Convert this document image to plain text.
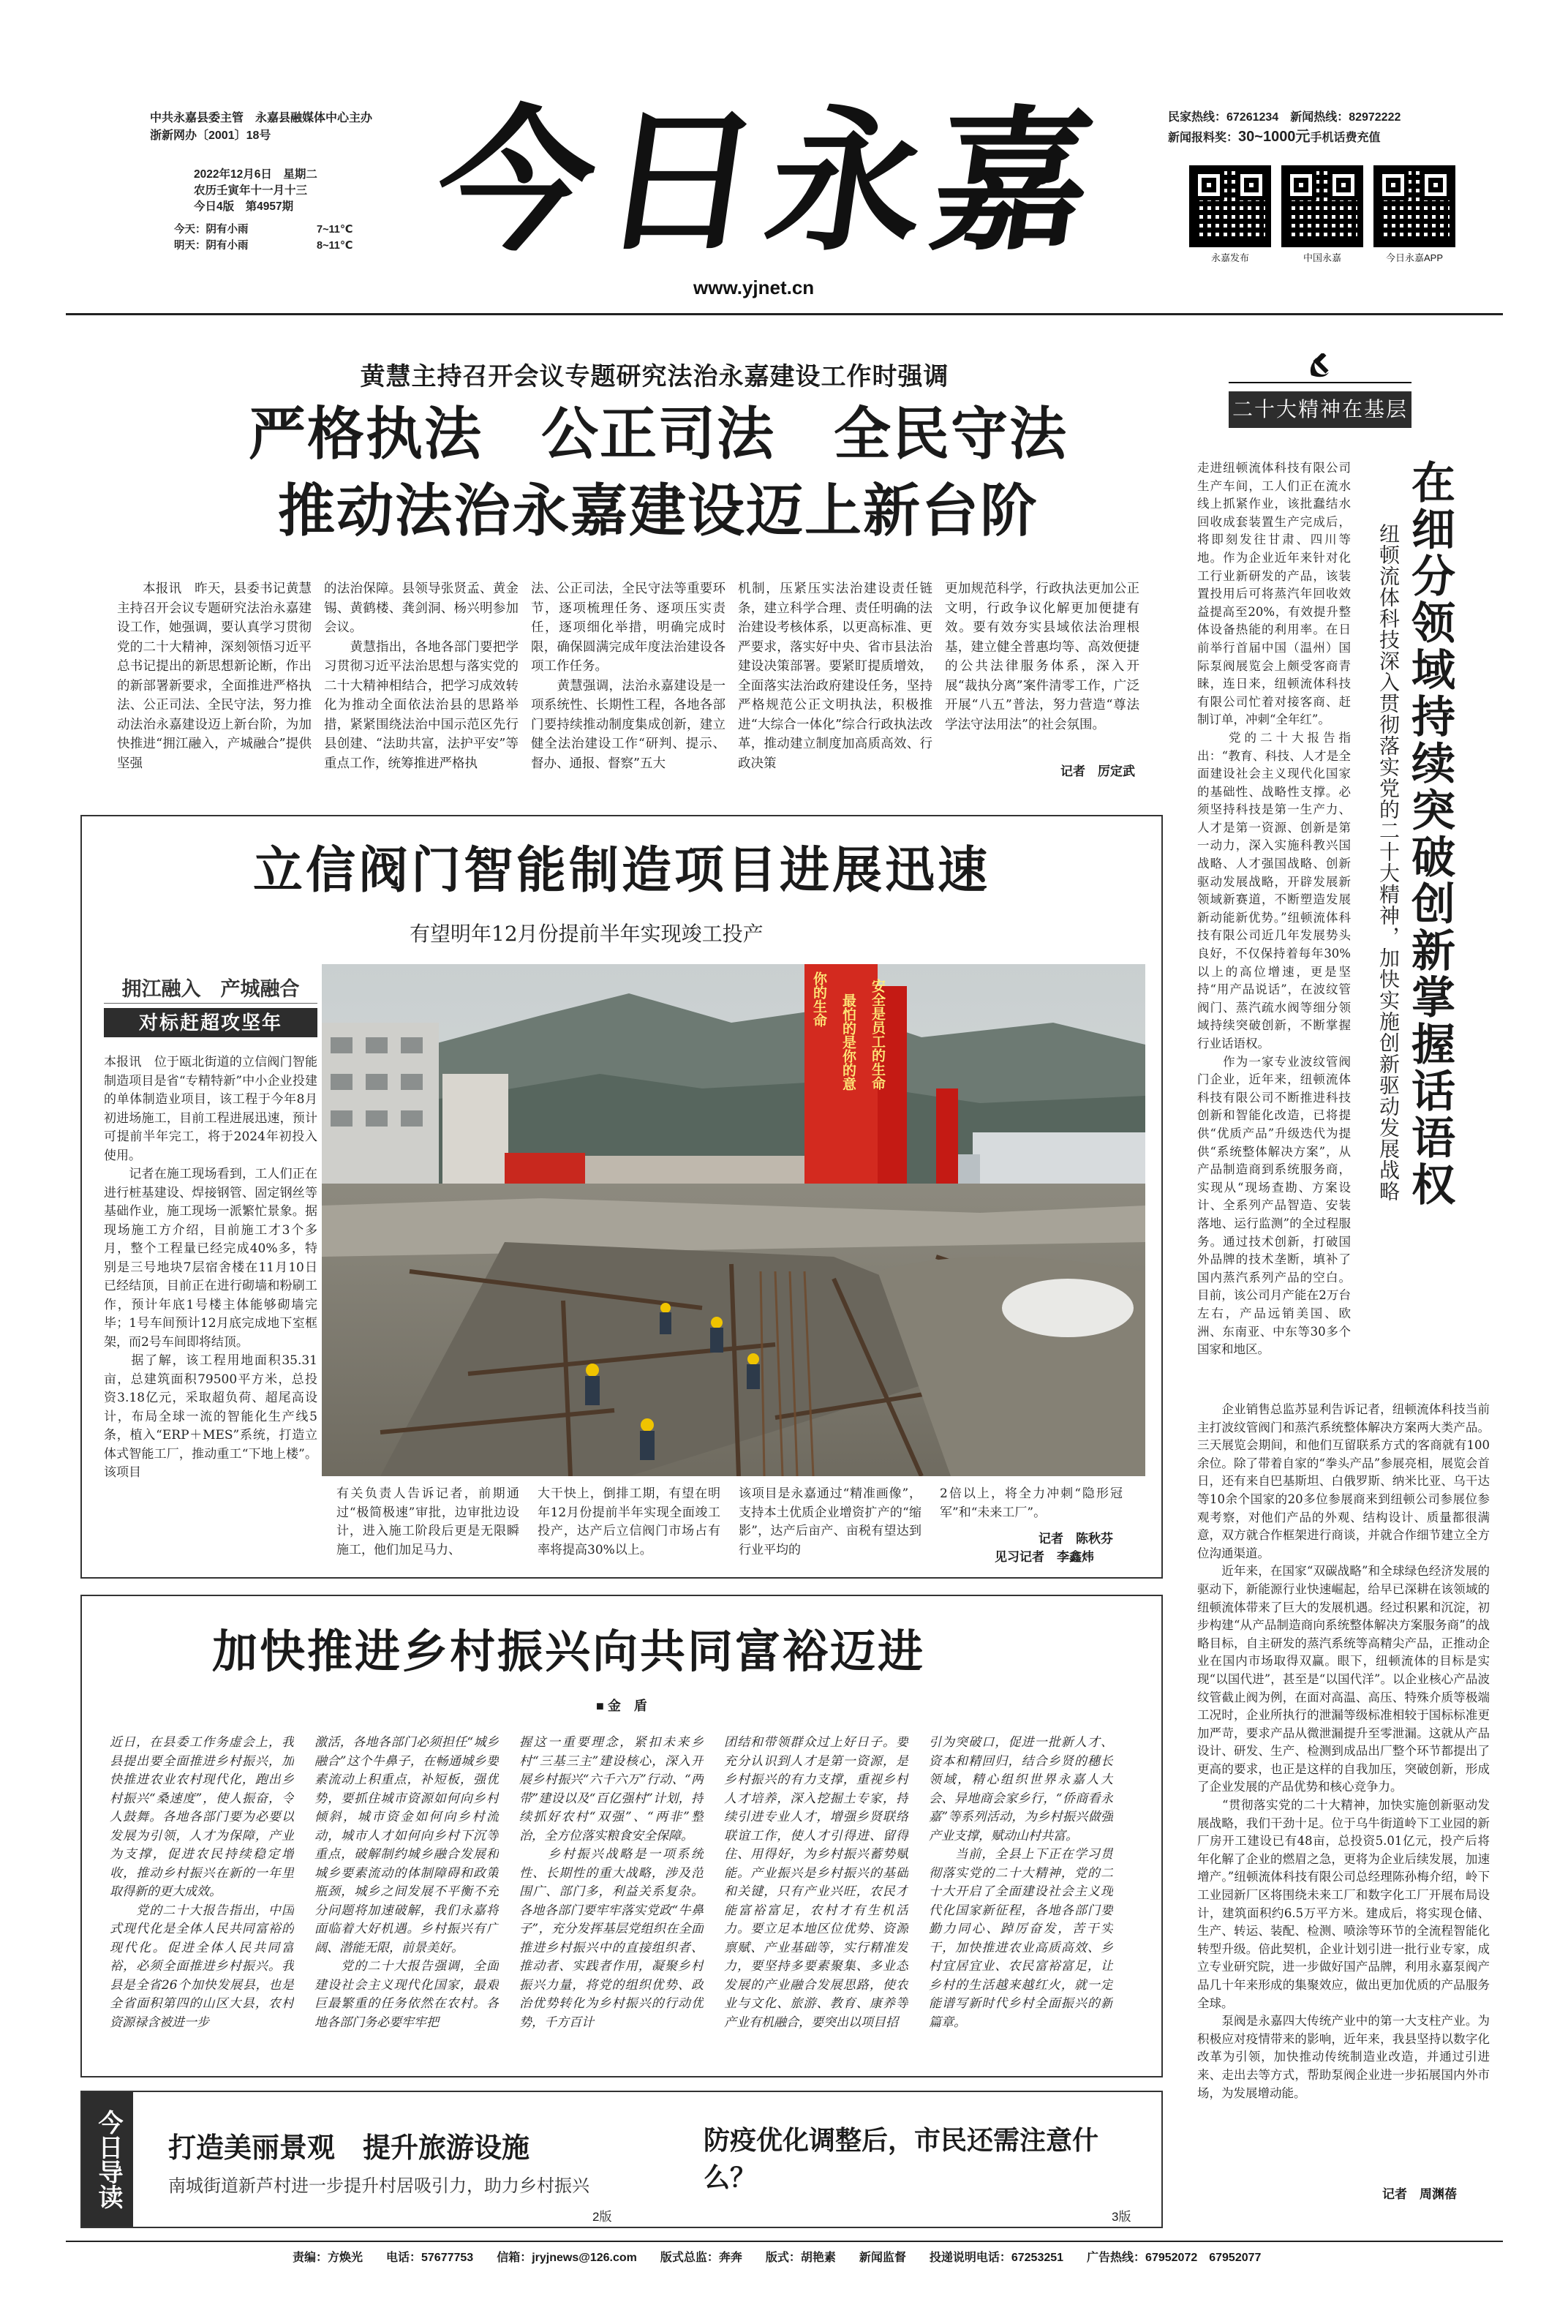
中共永嘉县委主管　永嘉县融媒体中心主办
浙新网办〔2001〕18号
2022年12月6日　星期二
农历壬寅年十一月十三
今日4版　第4957期
今天：阴有小雨	7~11℃
明天：阴有小雨	8~11℃ 今日永嘉
www.yjnet.cn
民家热线：67261234　新闻热线：82972222
新闻报料奖：30~1000元手机话费充值
永嘉发布	中国永嘉	今日永嘉APP
黄慧主持召开会议专题研究法治永嘉建设工作时强调
严格执法　公正司法　全民守法
推动法治永嘉建设迈上新台阶
本报讯　昨天，县委书记黄慧主持召开会议专题研究法治永嘉建设工作，她强调，要认真学习贯彻党的二十大精神，深刻领悟习近平总书记提出的新思想新论断，作出的新部署新要求，全面推进严格执法、公正司法、全民守法，努力推动法治永嘉建设迈上新台阶，为加快推进“拥江融入，产城融合”提供坚强
的法治保障。县领导张贤孟、黄金锡、黄鹤楼、龚剑洞、杨兴明参加会议。
　　黄慧指出，各地各部门要把学习贯彻习近平法治思想与落实党的二十大精神相结合，把学习成效转化为推动全面依法治县的思路举措，紧紧围绕法治中国示范区先行县创建、“法助共富，法护平安”等重点工作，统筹推进严格执
法、公正司法，全民守法等重要环节，逐项梳理任务、逐项压实责任，逐项细化举措，明确完成时限，确保圆满完成年度法治建设各项工作任务。
　　黄慧强调，法治永嘉建设是一项系统性、长期性工程，各地各部门要持续推动制度集成创新，建立健全法治建设工作“研判、提示、督办、通报、督察”五大
机制，压紧压实法治建设责任链条，建立科学合理、责任明确的法治建设考核体系，以更高标准、更严要求，落实好中央、省市县法治建设决策部署。要紧盯提质增效，全面落实法治政府建设任务，坚持严格规范公正文明执法，积极推进“大综合一体化”综合行政执法改革，推动建立制度加高质高效、行政决策
更加规范科学，行政执法更加公正文明，行政争议化解更加便捷有效。要有效夯实县域依法治理根基，建立健全普惠均等、高效便捷的公共法律服务体系，深入开展“裁执分离”案件清零工作，广泛开展“八五”普法，努力营造“尊法学法守法用法”的社会氛围。
记者　厉定武
立信阀门智能制造项目进展迅速
有望明年12月份提前半年实现竣工投产
拥江融入　产城融合
对标赶超攻坚年
本报讯　位于瓯北街道的立信阀门智能制造项目是省“专精特新”中小企业投建的单体制造业项目，该工程于今年8月初进场施工，目前工程进展迅速，预计可提前半年完工，将于2024年初投入使用。
　　记者在施工现场看到，工人们正在进行桩基建设、焊接钢管、固定钢丝等基础作业，施工现场一派繁忙景象。据现场施工方介绍，目前施工才3个多月，整个工程量已经完成40%多，特别是三号地块7层宿舍楼在11月10日已经结顶，目前正在进行砌墙和粉刷工作，预计年底1号楼主体能够砌墙完毕；1号车间预计12月底完成地下室框架，而2号车间即将结顶。
　　据了解，该工程用地面积35.31亩，总建筑面积79500平方米，总投资3.18亿元，采取超负荷、超尾高设计，布局全球一流的智能化生产线5条，植入“ERP＋MES”系统，打造立体式智能工厂，推动重工“下地上楼”。该项目
你的生命	最怕的是你的意	安全是员工的生命
有关负责人告诉记者，前期通过“极简极速”审批，边审批边设计，进入施工阶段后更是无限瞬施工，他们加足马力、
大干快上，倒排工期，有望在明年12月份提前半年实现全面竣工投产，达产后立信阀门市场占有率将提高30%以上。
该项目是永嘉通过“精准画像”，支持本土优质企业增资扩产的“缩影”，达产后亩产、亩税有望达到行业平均的
2倍以上，将全力冲刺“隐形冠军”和“未来工厂”。
记者　陈秋芬
见习记者　李鑫炜
加快推进乡村振兴向共同富裕迈进
■ 金　盾
近日，在县委工作务虚会上，我县提出要全面推进乡村振兴，加快推进农业农村现代化，跑出乡村振兴“桑速度”，使人振奋，令人鼓舞。各地各部门要为必要以发展为引领，人才为保障，产业为支撑，促进农民持续稳定增收，推动乡村振兴在新的一年里取得新的更大成效。
　　党的二十大报告指出，中国式现代化是全体人民共同富裕的现代化。促进全体人民共同富裕，必须全面推进乡村振兴。我县是全省26个加快发展县，也是全省面积第四的山区大县，农村资源禄含被进一步
激活，各地各部门必须担任“城乡融合”这个牛鼻子，在畅通城乡要素流动上积重点，补短板，强优势，要抓住城市资源如何向乡村倾斜，城市资金如何向乡村流动，城市人才如何向乡村下沉等重点，破解制约城乡融合发展和城乡要素流动的体制障碍和政策瓶颈，城乡之间发展不平衡不充分问题将加速破解，我们永嘉将面临着大好机遇。乡村振兴有广阔、潜能无限，前景美好。
　　党的二十大报告强调，全面建设社会主义现代化国家，最艰巨最繁重的任务依然在农村。各地各部门务必要牢牢把
握这一重要理念，紧扣未来乡村“三基三主”建设核心，深入开展乡村振兴“六千六万”行动、“两带”建设以及“百亿强村”计划，持续抓好农村“双强”、“两非”整治，全方位落实粮食安全保障。
　　乡村振兴战略是一项系统性、长期性的重大战略，涉及范围广、部门多，利益关系复杂。各地各部门要牢牢落实党政“牛鼻子”，充分发挥基层党组织在全面推进乡村振兴中的直接组织者、推动者、实践者作用，凝聚乡村振兴力量，将党的组织优势、政治优势转化为乡村振兴的行动优势，千方百计
团结和带领群众过上好日子。要充分认识到人才是第一资源，是乡村振兴的有力支撑，重视乡村人才培养，深入挖掘土专家，持续引进专业人才，增强乡贤联络联谊工作，使人才引得进、留得住、用得好，为乡村振兴蓄势赋能。产业振兴是乡村振兴的基础和关键，只有产业兴旺，农民才能富裕富足，农村才有生机活力。要立足本地区位优势、资源禀赋、产业基础等，实行精准发力，要坚持多要素聚集、多业态发展的产业融合发展思路，使农业与文化、旅游、教育、康养等产业有机融合，要突出以项目招
引为突破口，促进一批新人才、资本和精回归，结合乡贤的穗长领域，精心组织世界永嘉人大会、异地商会家乡行，“侨商看永嘉”等系列活动，为乡村振兴做强产业支撑，赋动山村共富。
　　当前，全县上下正在学习贯彻落实党的二十大精神，党的二十大开启了全面建设社会主义现代化国家新征程，各地各部门要勤力同心、踔厉奋发，苦干实干，加快推进农业高质高效、乡村宜居宜业、农民富裕富足，让乡村的生活越来越红火，就一定能谱写新时代乡村全面振兴的新篇章。
今日导读	打造美丽景观　提升旅游设施
南城街道新芦村进一步提升村居吸引力，助力乡村振兴
2版
防疫优化调整后，市民还需注意什么？
3版
二十大精神在基层
走进纽顿流体科技有限公司生产车间，工人们正在流水线上抓紧作业，该批蠢结水回收成套装置生产完成后，将即刻发往甘肃、四川等地。作为企业近年来针对化工行业新研发的产品，该装置投用后可将蒸汽年回收效益提高至20%，有效提升整体设备热能的利用率。在日前举行首届中国（温州）国际泵阀展览会上颇受客商青睐，连日来，纽顿流体科技有限公司忙着对接客商、赶制订单，冲刺“全年红”。
　　党的二十大报告指出：“教育、科技、人才是全面建设社会主义现代化国家的基础性、战略性支撑。必须坚持科技是第一生产力、人才是第一资源、创新是第一动力，深入实施科教兴国战略、人才强国战略、创新驱动发展战略，开辟发展新领域新赛道，不断塑造发展新动能新优势。”纽顿流体科技有限公司近几年发展势头良好，不仅保持着每年30%以上的高位增速，更是坚持“用产品说话”，在波纹管阀门、蒸汽疏水阀等细分领域持续突破创新，不断掌握行业话语权。
　　作为一家专业波纹管阀门企业，近年来，纽顿流体科技有限公司不断推进科技创新和智能化改造，已将提供“优质产品”升级迭代为提供“系统整体解决方案”，从产品制造商到系统服务商，实现从“现场查勘、方案设计、全系列产品智造、安装落地、运行监测”的全过程服务。通过技术创新，打破国外品牌的技术垄断，填补了国内蒸汽系列产品的空白。目前，该公司月产能在2万台左右，产品远销美国、欧洲、东南亚、中东等30多个国家和地区。
在细分领域持续突破创新掌握话语权
纽顿流体科技深入贯彻落实党的二十大精神，加快实施创新驱动发展战略
　　企业销售总监苏显利告诉记者，纽顿流体科技当前主打波纹管阀门和蒸汽系统整体解决方案两大类产品。三天展览会期间，和他们互留联系方式的客商就有100余位。除了带着自家的“拳头产品”参展亮相，展览会首日，还有来自巴基斯坦、白俄罗斯、纳米比亚、乌干达等10余个国家的20多位参展商来到纽顿公司参展位参观考察，对他们产品的外观、结构设计、质量都很满意，双方就合作框架进行商谈，并就合作细节建立全方位沟通渠道。
　　近年来，在国家“双碳战略”和全球绿色经济发展的驱动下，新能源行业快速崛起，给早已深耕在该领域的纽顿流体带来了巨大的发展机遇。经过积累和沉淀，初步构建“从产品制造商向系统整体解决方案服务商”的战略目标，自主研发的蒸汽系统等高精尖产品，正推动企业在国内市场取得双赢。眼下，纽顿流体的目标是实现“以国代进”，甚至是“以国代洋”。以企业核心产品波纹管截止阀为例，在面对高温、高压、特殊介质等极端工况时，企业所执行的泄漏等级标准相较于国标标准更加严苛，要求产品从微泄漏提升至零泄漏。这就从产品设计、研发、生产、检测到成品出厂整个环节都提出了更高的要求，也正是这样的自我加压，突破创新，形成了企业发展的产品优势和核心竞争力。
　　“贯彻落实党的二十大精神，加快实施创新驱动发展战略，我们干劲十足。位于乌牛街道岭下工业园的新厂房开工建设已有48亩，总投资5.01亿元，投产后将年化解了企业的燃眉之急，更将为企业后续发展，加速增产。”纽顿流体科技有限公司总经理陈孙梅介绍，岭下工业园新厂区将围绕未来工厂和数字化工厂开展布局设计，建筑面积约6.5万平方米。建成后，将实现仓储、生产、转运、装配、检测、喷涂等环节的全流程智能化转型升级。倍此契机，企业计划引进一批行业专家，成立专业研究院，进一步做好国产品牌，利用永嘉泵阀产品几十年来形成的集聚效应，做出更加优质的产品服务全球。
　　泵阀是永嘉四大传统产业中的第一大支柱产业。为积极应对疫情带来的影响，近年来，我县坚持以数字化改革为引领，加快推动传统制造业改造，并通过引进来、走出去等方式，帮助泵阀企业进一步拓展国内外市场，为发展增动能。
记者　周渊蓓
责编：方焕光　　电话：57677753　　信箱：jryjnews@126.com　　版式总监：奔奔　　版式：胡艳素　　新闻监督　　投递说明电话：67253251　　广告热线：67952072　67952077
